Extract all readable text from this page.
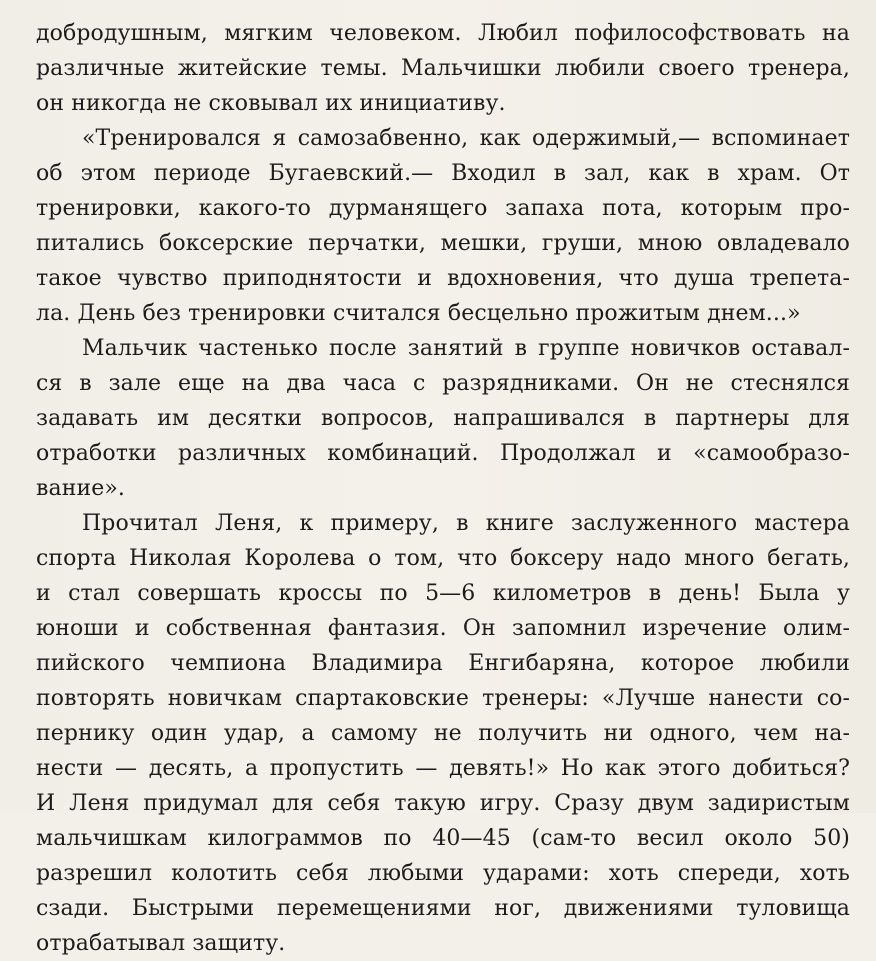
добродушным, мягким человеком. Любил пофилософствовать на
различные житейские темы. Мальчишки любили своего тренера,
он никогда не сковывал их инициативу.
«Тренировался я самозабвенно, как одержимый,— вспоминает
об этом периоде Бугаевский.— Входил в зал, как в храм. От
тренировки, какого-то дурманящего запаха пота, которым про-
питались боксерские перчатки, мешки, груши, мною овладевало
такое чувство приподнятости и вдохновения, что душа трепета-
ла. День без тренировки считался бесцельно прожитым днем...»
Мальчик частенько после занятий в группе новичков оставал-
ся в зале еще на два часа с разрядниками. Он не стеснялся
задавать им десятки вопросов, напрашивался в партнеры для
отработки различных комбинаций. Продолжал и «самообразо-
вание».
Прочитал Леня, к примеру, в книге заслуженного мастера
спорта Николая Королева о том, что боксеру надо много бегать,
и стал совершать кроссы по 5—6 километров в день! Была у
юноши и собственная фантазия. Он запомнил изречение олим-
пийского чемпиона Владимира Енгибаряна, которое любили
повторять новичкам спартаковские тренеры: «Лучше нанести со-
пернику один удар, а самому не получить ни одного, чем на-
нести — десять, а пропустить — девять!» Но как этого добиться?
И Леня придумал для себя такую игру. Сразу двум задиристым
мальчишкам килограммов по 40—45 (сам-то весил около 50)
разрешил колотить себя любыми ударами: хоть спереди, хоть
сзади. Быстрыми перемещениями ног, движениями туловища
отрабатывал защиту.
